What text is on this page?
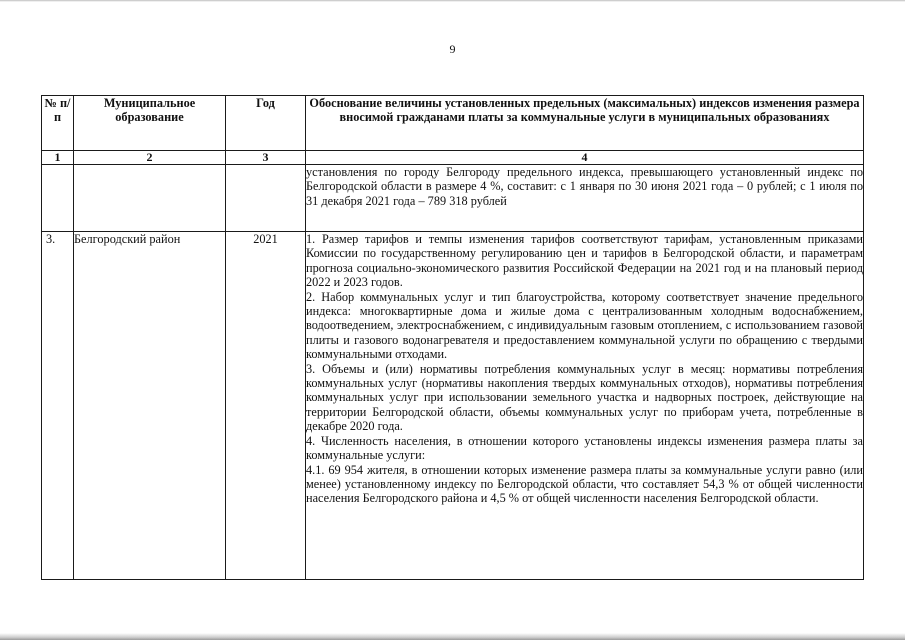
9
№ п/п	Муниципальное образование	Год	Обоснование величины установленных предельных (максимальных) индексов изменения размера вносимой гражданами платы за коммунальные услуги в муниципальных образованиях
1	2	3	4
			установления по городу Белгороду предельного индекса, превышающего установленный индекс по Белгородской области в размере 4 %, составит: с 1 января по 30 июня 2021 года – 0 рублей; с 1 июля по 31 декабря 2021 года – 789 318 рублей
3.	Белгородский район	2021	1. Размер тарифов и темпы изменения тарифов соответствуют тарифам, установленным приказами Комиссии по государственному регулированию цен и тарифов в Белгородской области, и параметрам прогноза социально-экономического развития Российской Федерации на 2021 год и на плановый период 2022 и 2023 годов.
2. Набор коммунальных услуг и тип благоустройства, которому соответствует значение предельного индекса: многоквартирные дома и жилые дома с централизованным холодным водоснабжением, водоотведением, электроснабжением, с индивидуальным газовым отоплением, с использованием газовой плиты и газового водонагревателя и предоставлением коммунальной услуги по обращению с твердыми коммунальными отходами.
3. Объемы и (или) нормативы потребления коммунальных услуг в месяц: нормативы потребления коммунальных услуг (нормативы накопления твердых коммунальных отходов), нормативы потребления коммунальных услуг при использовании земельного участка и надворных построек, действующие на территории Белгородской области, объемы коммунальных услуг по приборам учета, потребленные в декабре 2020 года.
4. Численность населения, в отношении которого установлены индексы изменения размера платы за коммунальные услуги:
4.1. 69 954 жителя, в отношении которых изменение размера платы за коммунальные услуги равно (или менее) установленному индексу по Белгородской области, что составляет 54,3 % от общей численности населения Белгородского района и 4,5 % от общей численности населения Белгородской области.
